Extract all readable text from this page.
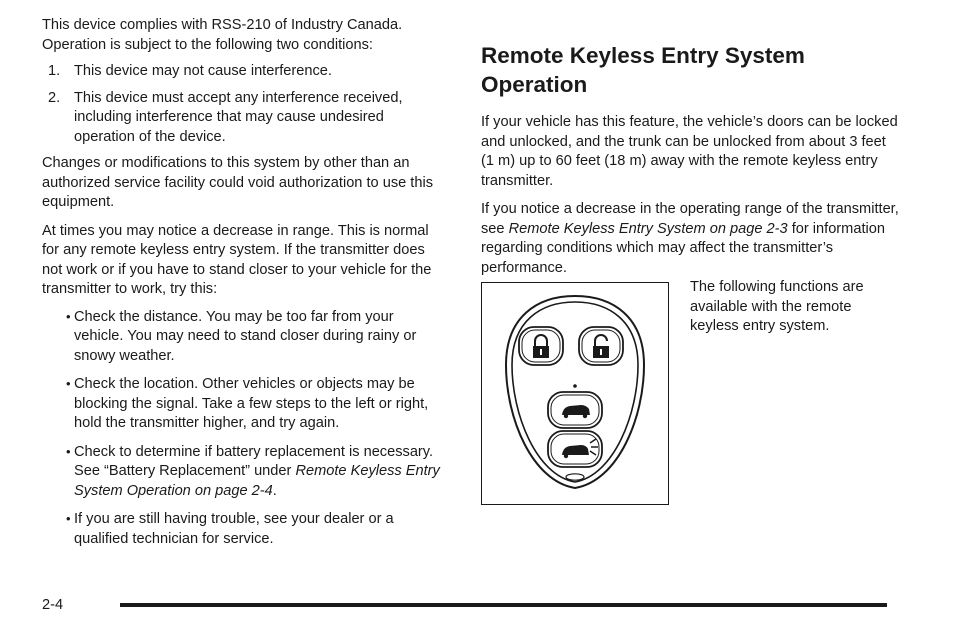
This device complies with RSS-210 of Industry Canada. Operation is subject to the following two conditions:

1. This device may not cause interference.
2. This device must accept any interference received, including interference that may cause undesired operation of the device.

Changes or modifications to this system by other than an authorized service facility could void authorization to use this equipment.

At times you may notice a decrease in range. This is normal for any remote keyless entry system. If the transmitter does not work or if you have to stand closer to your vehicle for the transmitter to work, try this:

• Check the distance. You may be too far from your vehicle. You may need to stand closer during rainy or snowy weather.
• Check the location. Other vehicles or objects may be blocking the signal. Take a few steps to the left or right, hold the transmitter higher, and try again.
• Check to determine if battery replacement is necessary. See “Battery Replacement” under Remote Keyless Entry System Operation on page 2-4.
• If you are still having trouble, see your dealer or a qualified technician for service.
Remote Keyless Entry System Operation

If your vehicle has this feature, the vehicle’s doors can be locked and unlocked, and the trunk can be unlocked from about 3 feet (1 m) up to 60 feet (18 m) away with the remote keyless entry transmitter.

If you notice a decrease in the operating range of the transmitter, see Remote Keyless Entry System on page 2-3 for information regarding conditions which may affect the transmitter’s performance.

The following functions are available with the remote keyless entry system.

2-4
